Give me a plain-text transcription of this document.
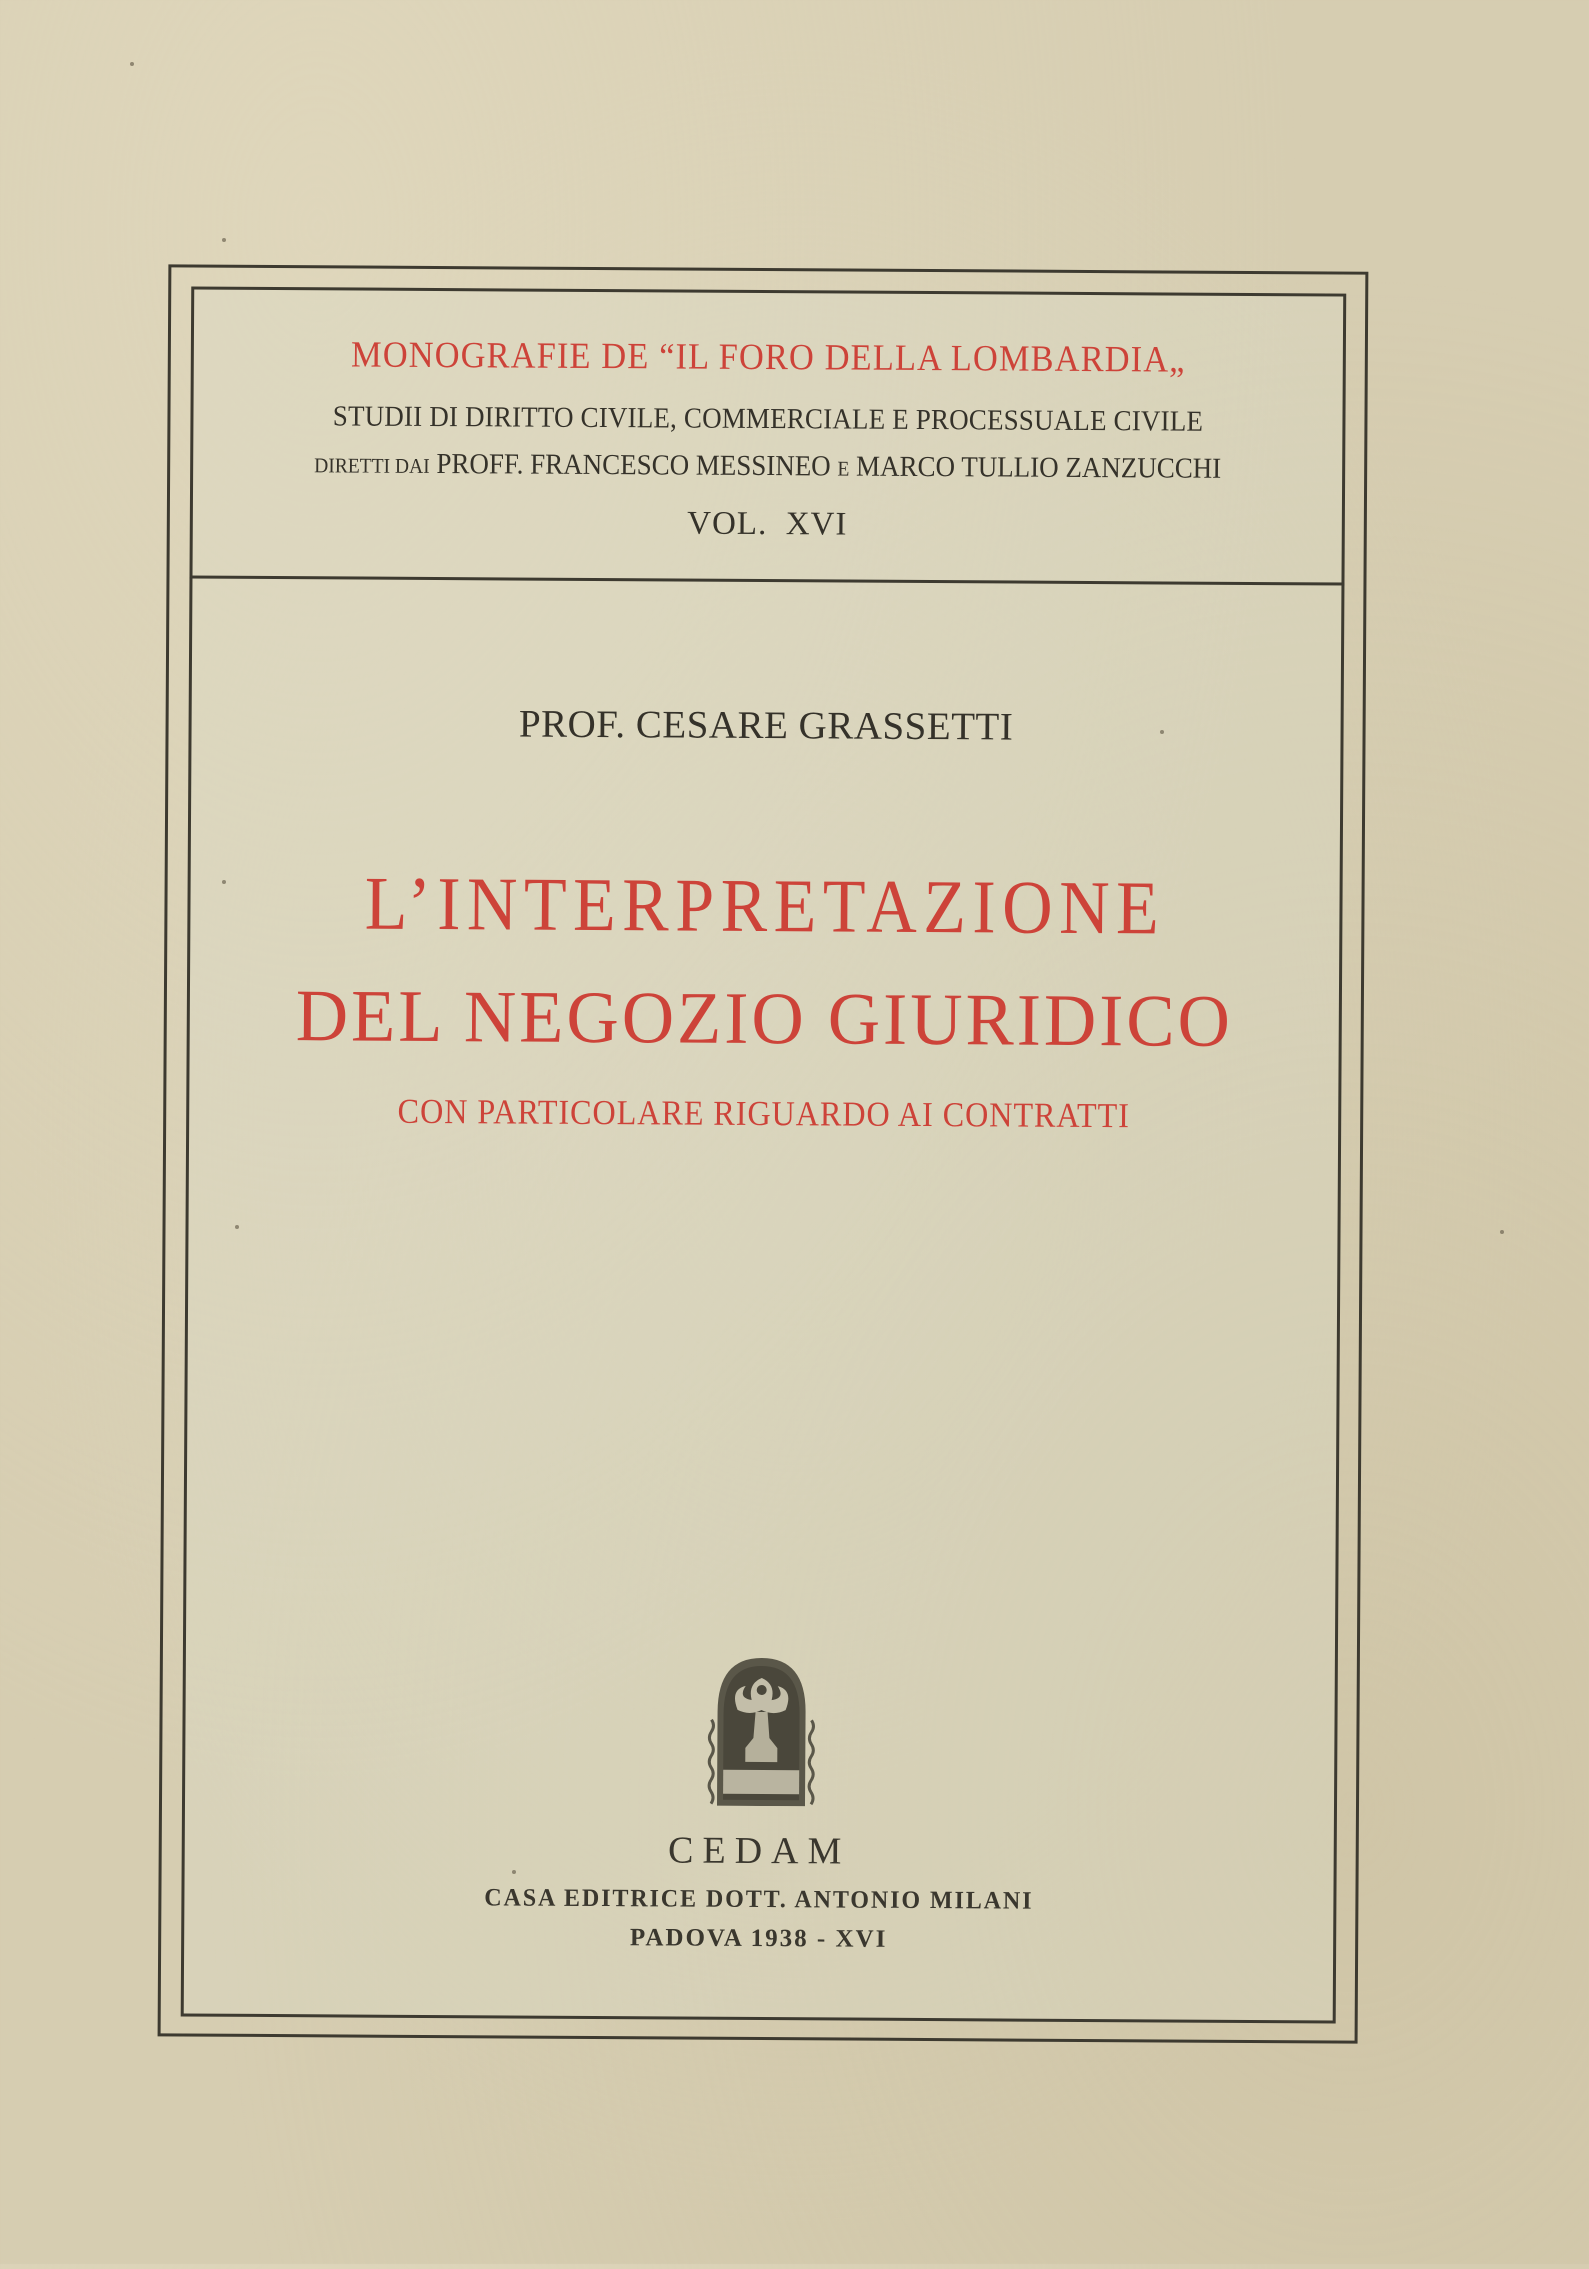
MONOGRAFIE DE “IL FORO DELLA LOMBARDIA„
STUDII DI DIRITTO CIVILE, COMMERCIALE E PROCESSUALE CIVILE
DIRETTI DAI PROFF. FRANCESCO MESSINEO E MARCO TULLIO ZANZUCCHI
VOL. XVI
PROF. CESARE GRASSETTI
L’INTERPRETAZIONE
DEL NEGOZIO GIURIDICO
CON PARTICOLARE RIGUARDO AI CONTRATTI
CEDAM
CASA EDITRICE DOTT. ANTONIO MILANI
PADOVA 1938 - XVI
